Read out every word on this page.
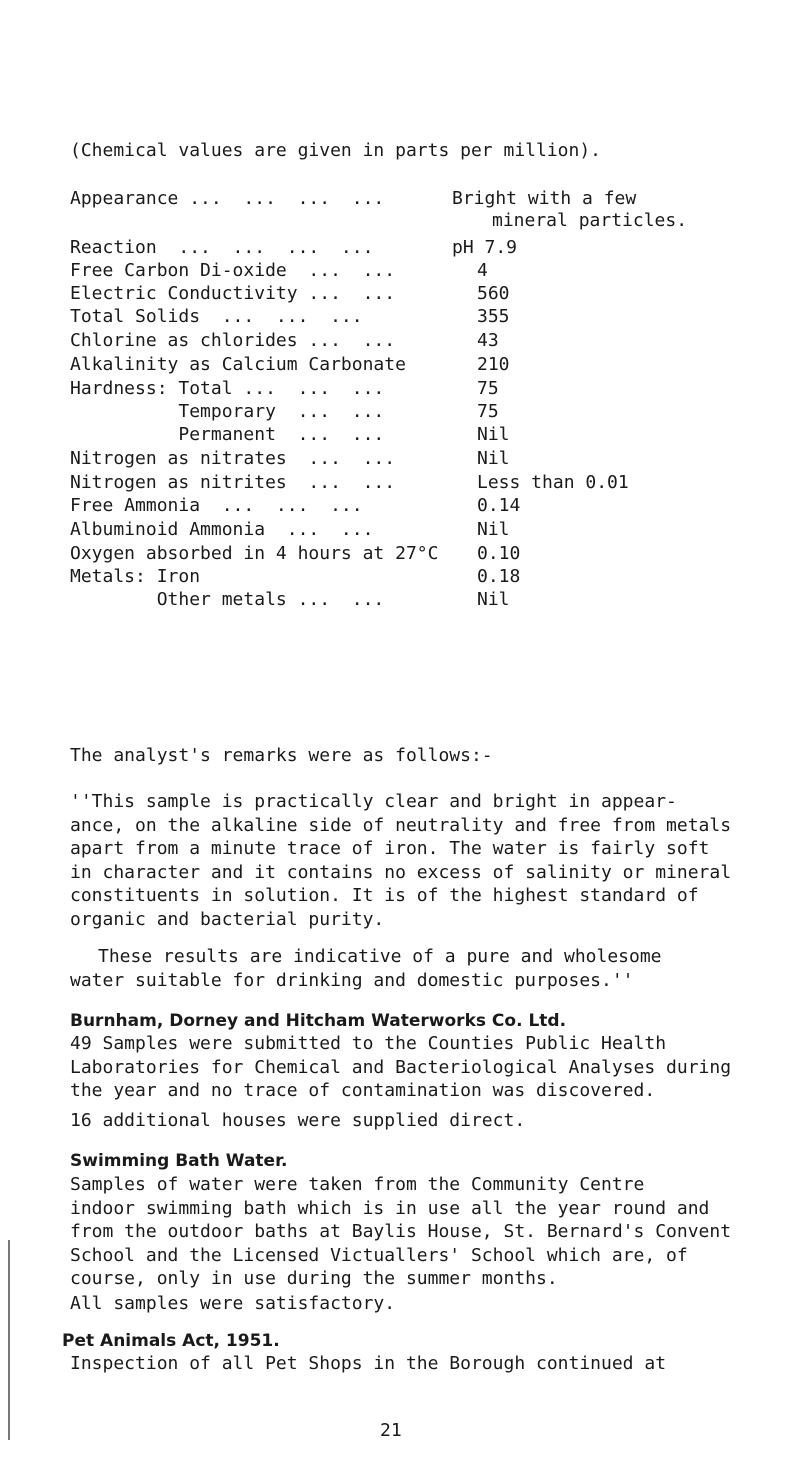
(Chemical values are given in parts per million).
Appearance ...  ...  ...  ...	Bright with a few
mineral particles.
Reaction  ...  ...  ...  ...	pH 7.9
Free Carbon Di-oxide  ...  ...	4
Electric Conductivity ...  ...	560
Total Solids  ...  ...  ...	355
Chlorine as chlorides ...  ...	43
Alkalinity as Calcium Carbonate	210
Hardness: Total ...  ...  ...	75
Temporary  ...  ...	75
Permanent  ...  ...	Nil
Nitrogen as nitrates  ...  ...	Nil
Nitrogen as nitrites  ...  ...	Less than 0.01
Free Ammonia  ...  ...  ...	0.14
Albuminoid Ammonia  ...  ...	Nil
Oxygen absorbed in 4 hours at 27°C 0.10
Metals: Iron	0.18
Other metals ...  ...	Nil
The analyst's remarks were as follows:-

''This sample is practically clear and bright in appear-

ance, on the alkaline side of neutrality and free from metals

apart from a minute trace of iron. The water is fairly soft

in character and it contains no excess of salinity or mineral

constituents in solution. It is of the highest standard of

organic and bacterial purity.

These results are indicative of a pure and wholesome

water suitable for drinking and domestic purposes.''

Burnham, Dorney and Hitcham Waterworks Co. Ltd.

49 Samples were submitted to the Counties Public Health

Laboratories for Chemical and Bacteriological Analyses during

the year and no trace of contamination was discovered.

16 additional houses were supplied direct.
Swimming Bath Water.

Samples of water were taken from the Community Centre

indoor swimming bath which is in use all the year round and

from the outdoor baths at Baylis House, St. Bernard's Convent

School and the Licensed Victuallers' School which are, of

course, only in use during the summer months.

All samples were satisfactory.
Pet Animals Act, 1951.
Inspection of all Pet Shops in the Borough continued at
21
